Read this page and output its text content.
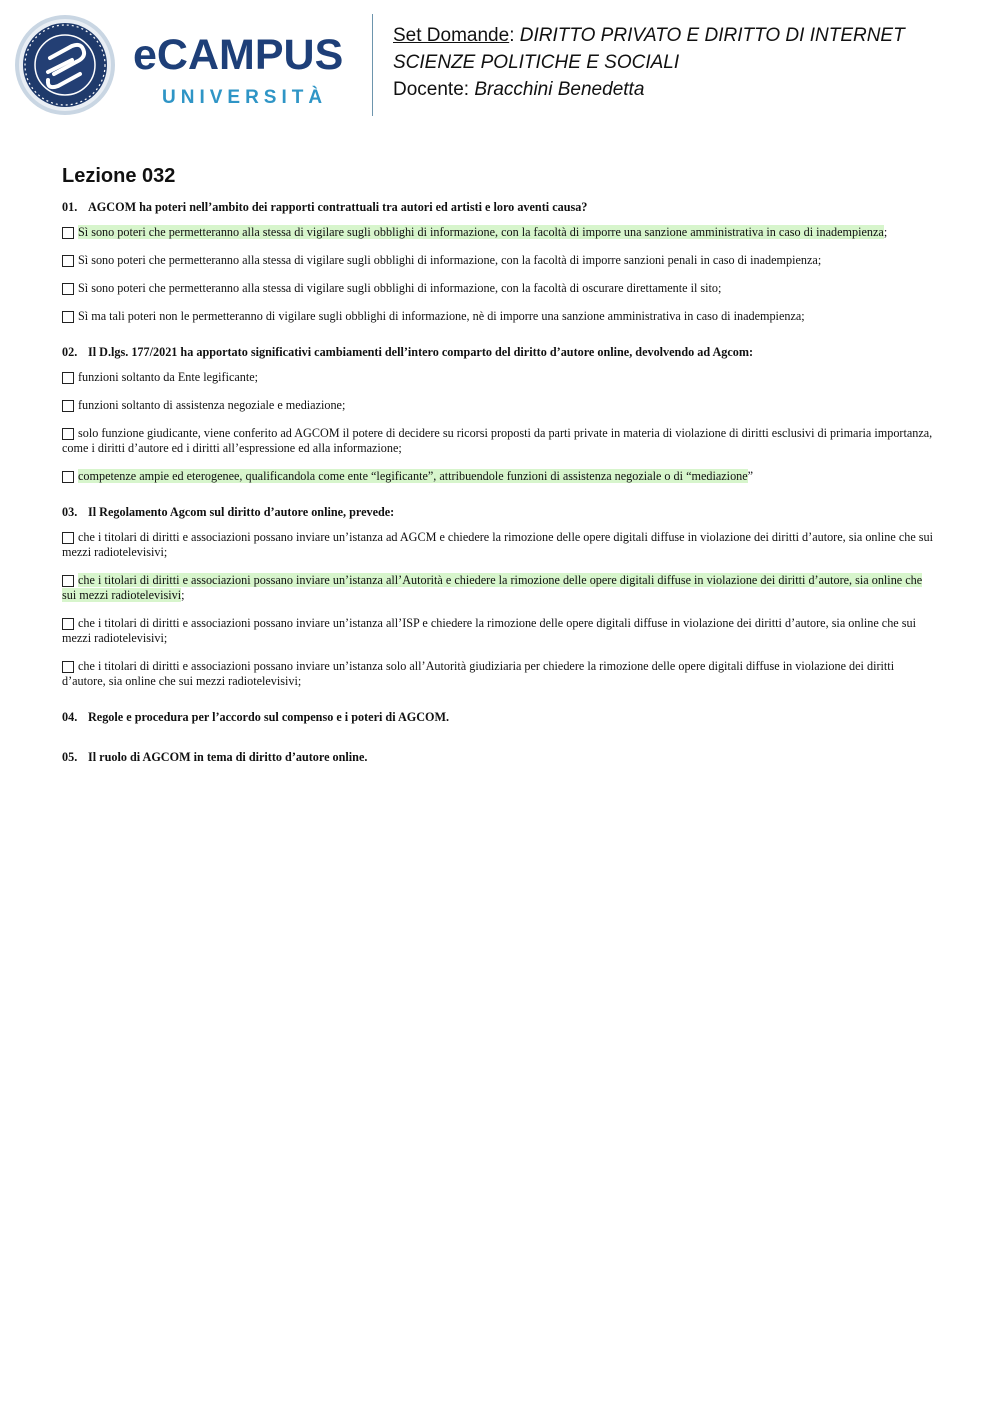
eCAMPUS
UNIVERSITÀ
Set Domande: DIRITTO PRIVATO E DIRITTO DI INTERNET
SCIENZE POLITICHE E SOCIALI
Docente: Bracchini Benedetta
Lezione 032
01. AGCOM ha poteri nell’ambito dei rapporti contrattuali tra autori ed artisti e loro aventi causa?
Sì sono poteri che permetteranno alla stessa di vigilare sugli obblighi di informazione, con la facoltà di imporre una sanzione amministrativa in caso di inadempienza;
Sì sono poteri che permetteranno alla stessa di vigilare sugli obblighi di informazione, con la facoltà di imporre sanzioni penali in caso di inadempienza;
Sì sono poteri che permetteranno alla stessa di vigilare sugli obblighi di informazione, con la facoltà di oscurare direttamente il sito;
Sì ma tali poteri non le permetteranno di vigilare sugli obblighi di informazione, nè di imporre una sanzione amministrativa in caso di inadempienza;
02. Il D.lgs. 177/2021 ha apportato significativi cambiamenti dell’intero comparto del diritto d’autore online, devolvendo ad Agcom:
funzioni soltanto da Ente legificante;
funzioni soltanto di assistenza negoziale e mediazione;
solo funzione giudicante, viene conferito ad AGCOM il potere di decidere su ricorsi proposti da parti private in materia di violazione di diritti esclusivi di primaria importanza, come i diritti d’autore ed i diritti all’espressione ed alla informazione;
competenze ampie ed eterogenee, qualificandola come ente “legificante”, attribuendole funzioni di assistenza negoziale o di “mediazione”
03. Il Regolamento Agcom sul diritto d’autore online, prevede:
che i titolari di diritti e associazioni possano inviare un’istanza ad AGCM e chiedere la rimozione delle opere digitali diffuse in violazione dei diritti d’autore, sia online che sui mezzi radiotelevisivi;
che i titolari di diritti e associazioni possano inviare un’istanza all’Autorità e chiedere la rimozione delle opere digitali diffuse in violazione dei diritti d’autore, sia online che sui mezzi radiotelevisivi;
che i titolari di diritti e associazioni possano inviare un’istanza all’ISP e chiedere la rimozione delle opere digitali diffuse in violazione dei diritti d’autore, sia online che sui mezzi radiotelevisivi;
che i titolari di diritti e associazioni possano inviare un’istanza solo all’Autorità giudiziaria per chiedere la rimozione delle opere digitali diffuse in violazione dei diritti d’autore, sia online che sui mezzi radiotelevisivi;
04. Regole e procedura per l’accordo sul compenso e i poteri di AGCOM.
05. Il ruolo di AGCOM in tema di diritto d’autore online.
